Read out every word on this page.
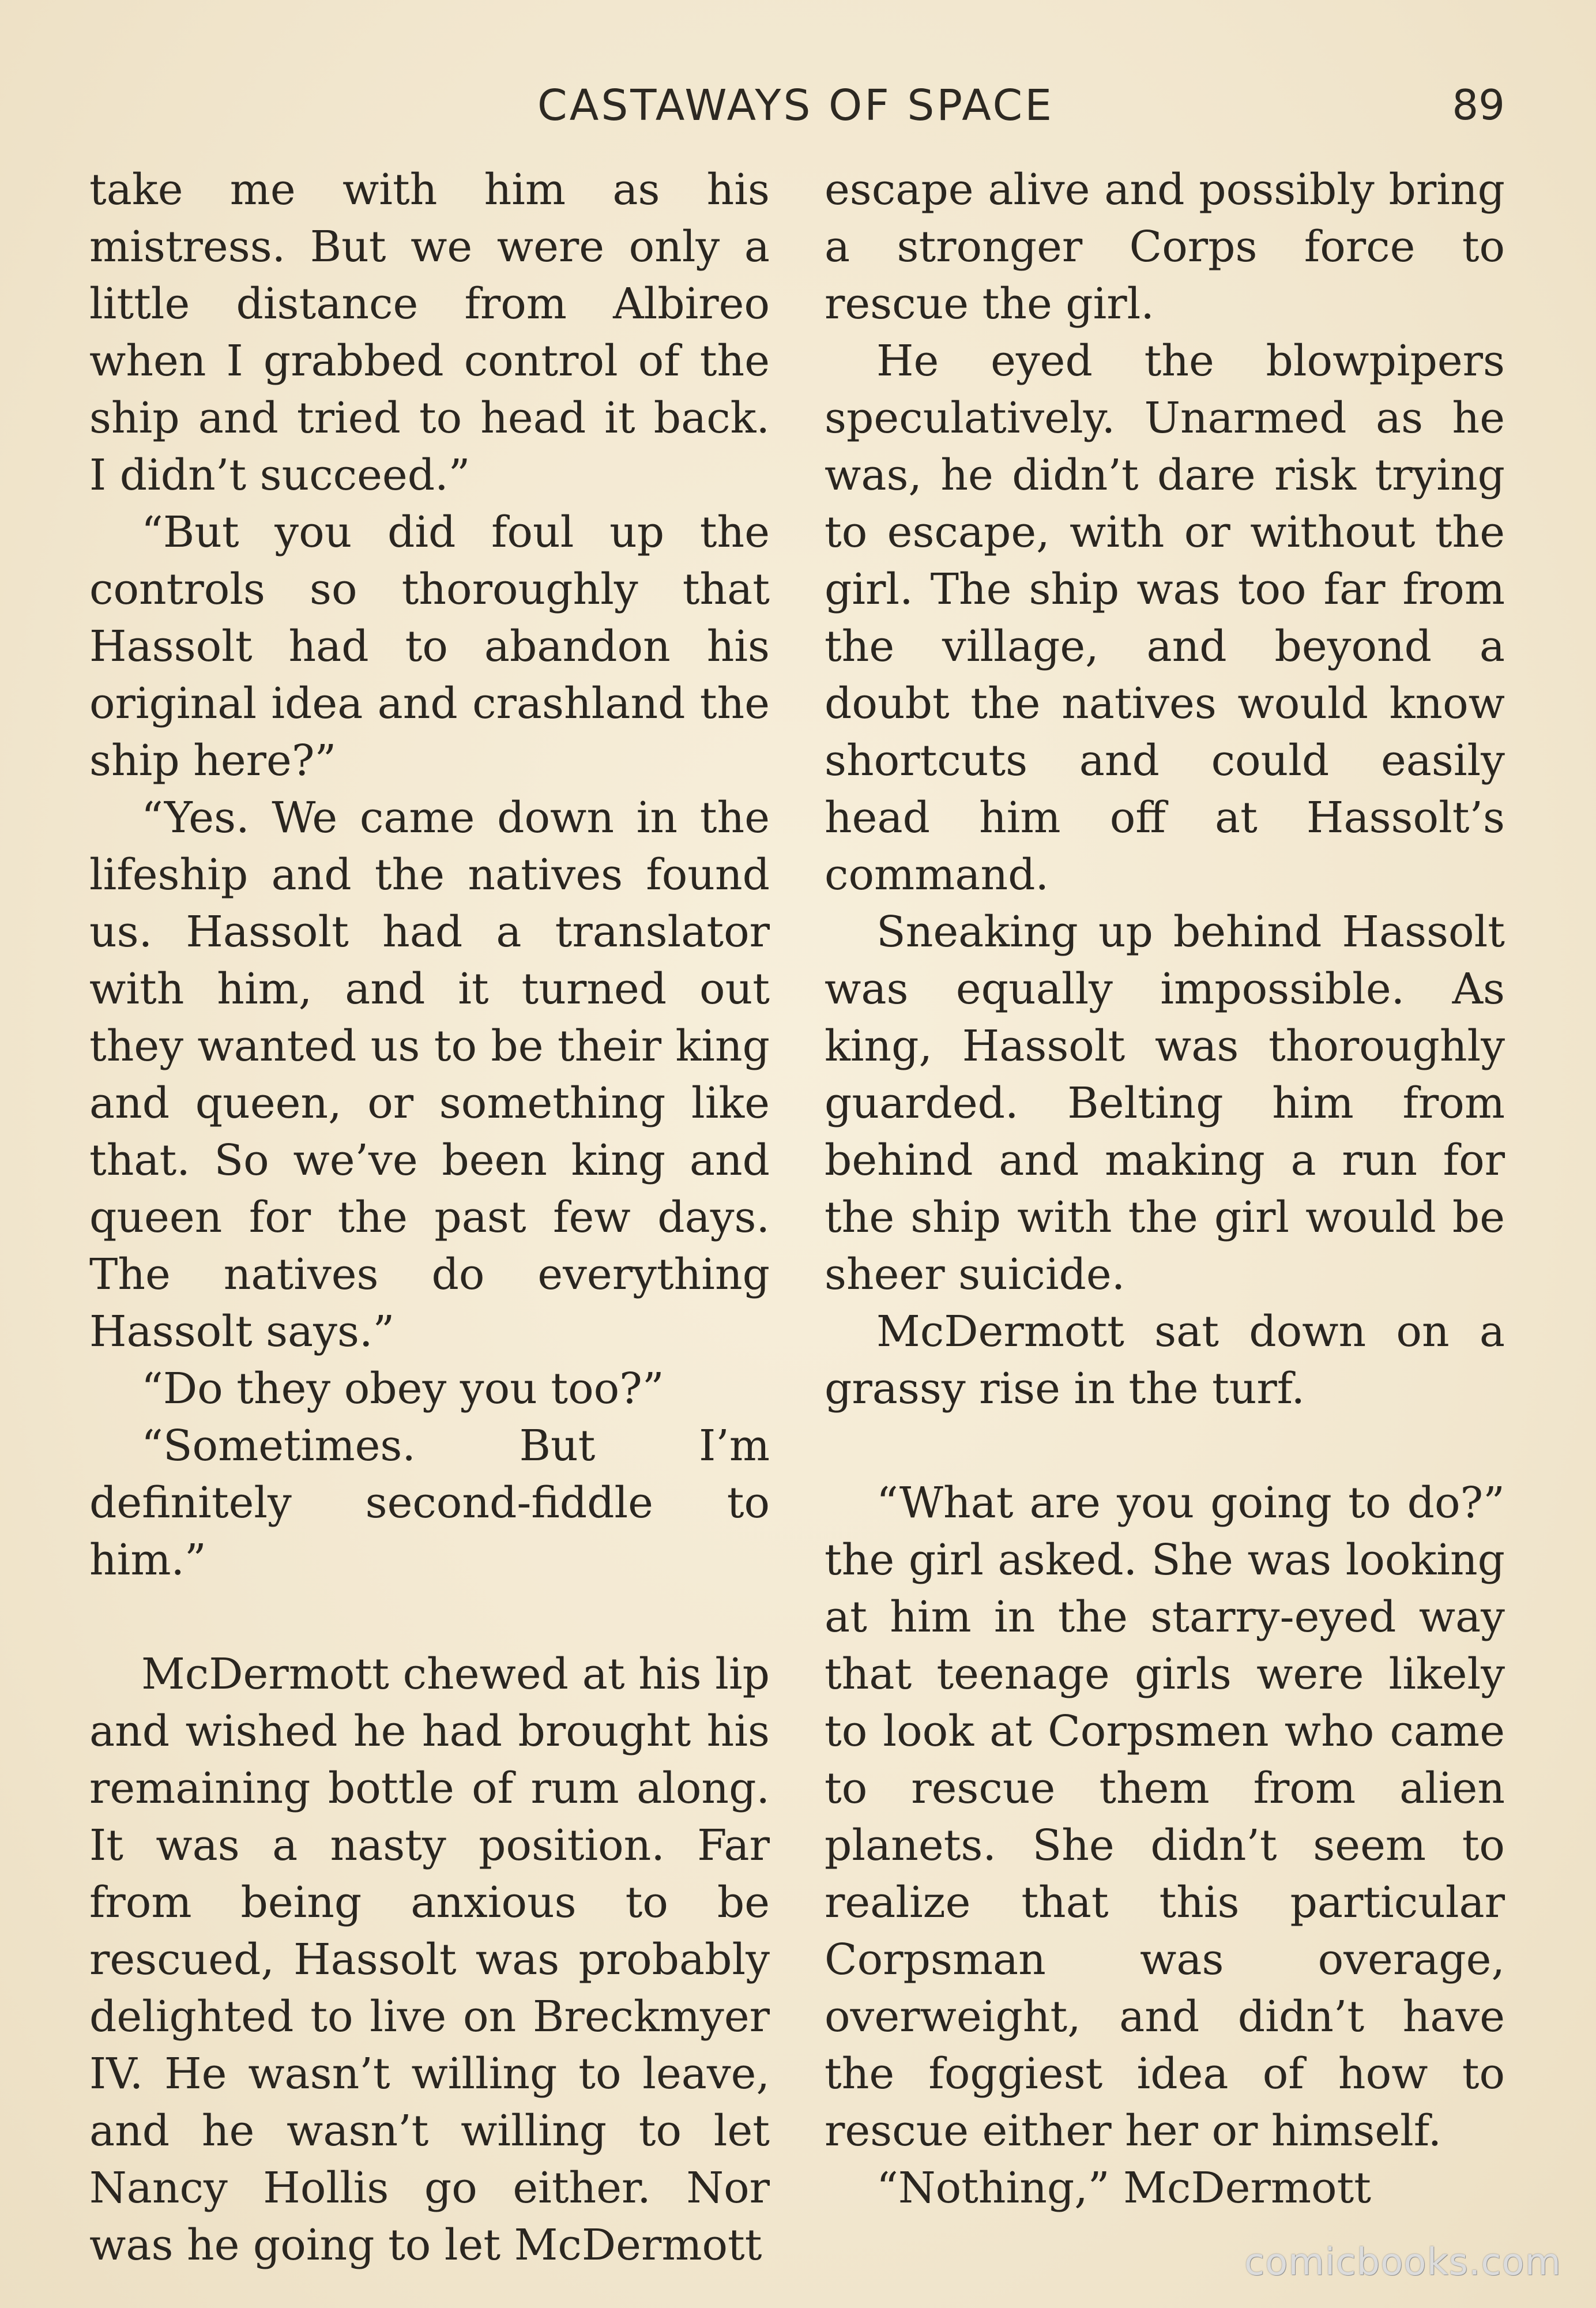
CASTAWAYS OF SPACE	89

take me with him as his mistress. But we were only a little distance from Albireo when I grabbed control of the ship and tried to head it back. I didn’t succeed.”

“But you did foul up the controls so thoroughly that Hassolt had to abandon his original idea and crashland the ship here?”

“Yes. We came down in the lifeship and the natives found us. Hassolt had a translator with him, and it turned out they wanted us to be their king and queen, or something like that. So we’ve been king and queen for the past few days. The natives do everything Hassolt says.”

“Do they obey you too?”

“Sometimes. But I’m definitely second-fiddle to him.”

McDermott chewed at his lip and wished he had brought his remaining bottle of rum along. It was a nasty position. Far from being anxious to be rescued, Hassolt was probably delighted to live on Breckmyer IV. He wasn’t willing to leave, and he wasn’t willing to let Nancy Hollis go either. Nor was he going to let McDermott

escape alive and possibly bring a stronger Corps force to rescue the girl.

He eyed the blowpipers speculatively. Unarmed as he was, he didn’t dare risk trying to escape, with or without the girl. The ship was too far from the village, and beyond a doubt the natives would know shortcuts and could easily head him off at Hassolt’s command.

Sneaking up behind Hassolt was equally impossible. As king, Hassolt was thoroughly guarded. Belting him from behind and making a run for the ship with the girl would be sheer suicide.

McDermott sat down on a grassy rise in the turf.

“What are you going to do?” the girl asked. She was looking at him in the starry-eyed way that teenage girls were likely to look at Corpsmen who came to rescue them from alien planets. She didn’t seem to realize that this particular Corpsman was overage, overweight, and didn’t have the foggiest idea of how to rescue either her or himself.

“Nothing,” McDermott

comicbooks.com
